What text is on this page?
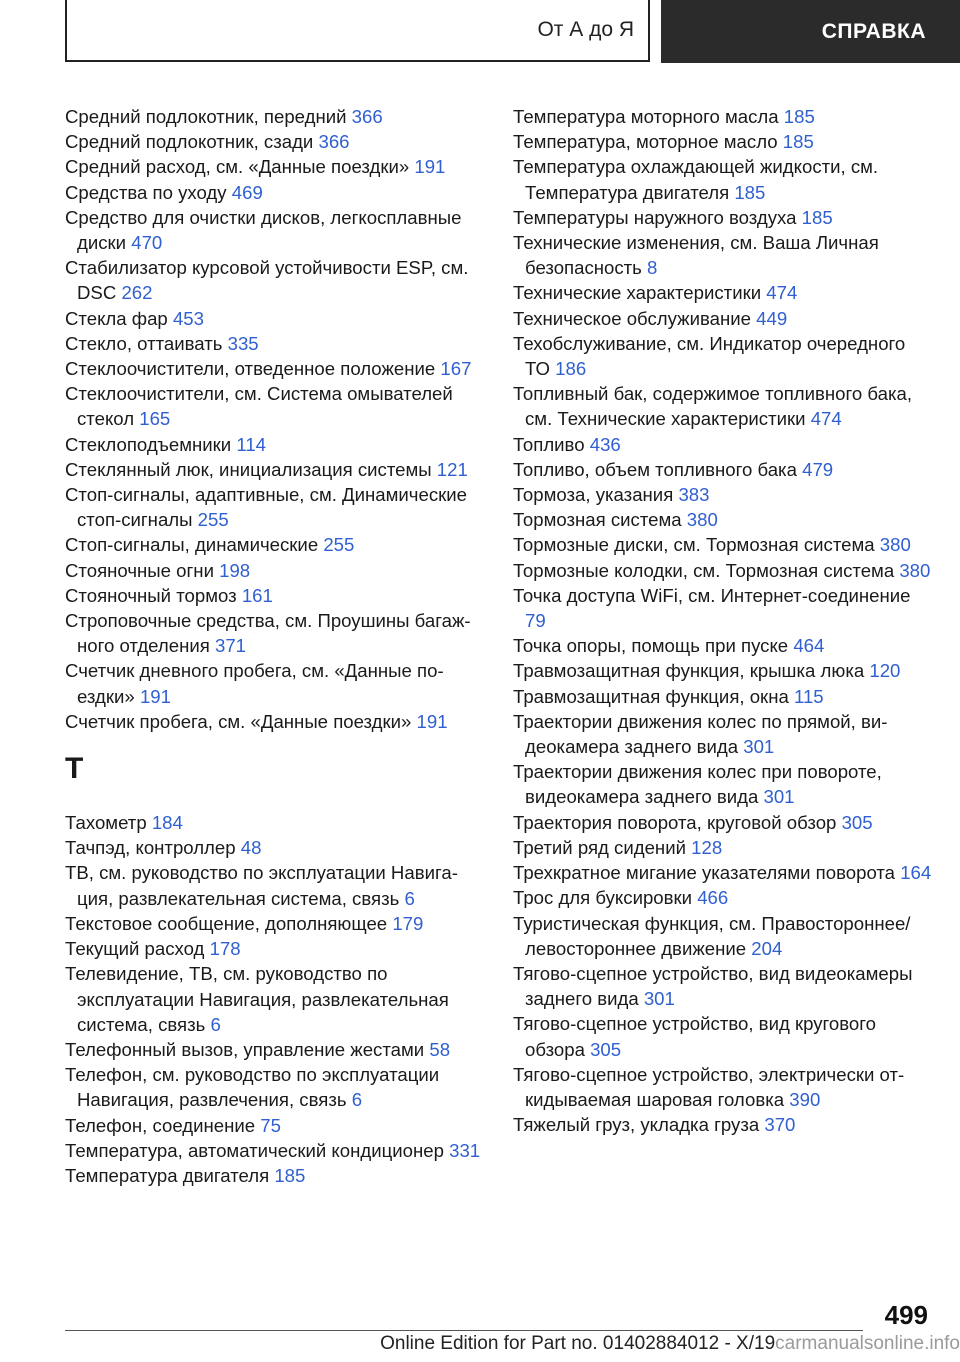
От А до Я	СПРАВКА
Средний подлокотник, передний 366
Средний подлокотник, сзади 366
Средний расход, см. «Данные поездки» 191
Средства по уходу 469
Средство для очистки дисков, легкосплавные диски 470
Стабилизатор курсовой устойчивости ESP, см. DSC 262
Стекла фар 453
Стекло, оттаивать 335
Стеклоочистители, отведенное положение 167
Стеклоочистители, см. Система омывателей стекол 165
Стеклоподъемники 114
Стеклянный люк, инициализация системы 121
Стоп-сигналы, адаптивные, см. Динамические стоп-сигналы 255
Стоп-сигналы, динамические 255
Стояночные огни 198
Стояночный тормоз 161
Строповочные средства, см. Проушины багажного отделения 371
Счетчик дневного пробега, см. «Данные поездки» 191
Счетчик пробега, см. «Данные поездки» 191
Т
Тахометр 184
Тачпэд, контроллер 48
ТВ, см. руководство по эксплуатации Навигация, развлекательная система, связь 6
Текстовое сообщение, дополняющее 179
Текущий расход 178
Телевидение, ТВ, см. руководство по эксплуатации Навигация, развлекательная система, связь 6
Телефонный вызов, управление жестами 58
Телефон, см. руководство по эксплуатации Навигация, развлечения, связь 6
Телефон, соединение 75
Температура, автоматический кондиционер 331
Температура двигателя 185
Температура моторного масла 185
Температура, моторное масло 185
Температура охлаждающей жидкости, см. Температура двигателя 185
Температуры наружного воздуха 185
Технические изменения, см. Ваша Личная безопасность 8
Технические характеристики 474
Техническое обслуживание 449
Техобслуживание, см. Индикатор очередного ТО 186
Топливный бак, содержимое топливного бака, см. Технические характеристики 474
Топливо 436
Топливо, объем топливного бака 479
Тормоза, указания 383
Тормозная система 380
Тормозные диски, см. Тормозная система 380
Тормозные колодки, см. Тормозная система 380
Точка доступа WiFi, см. Интернет-соединение 79
Точка опоры, помощь при пуске 464
Травмозащитная функция, крышка люка 120
Травмозащитная функция, окна 115
Траектории движения колес по прямой, видеокамера заднего вида 301
Траектории движения колес при повороте, видеокамера заднего вида 301
Траектория поворота, круговой обзор 305
Третий ряд сидений 128
Трехкратное мигание указателями поворота 164
Трос для буксировки 466
Туристическая функция, см. Правостороннее/левостороннее движение 204
Тягово-сцепное устройство, вид видеокамеры заднего вида 301
Тягово-сцепное устройство, вид кругового обзора 305
Тягово-сцепное устройство, электрически откидываемая шаровая головка 390
Тяжелый груз, укладка груза 370
499
Online Edition for Part no. 01402884012 - X/19carmanualsonline.info
